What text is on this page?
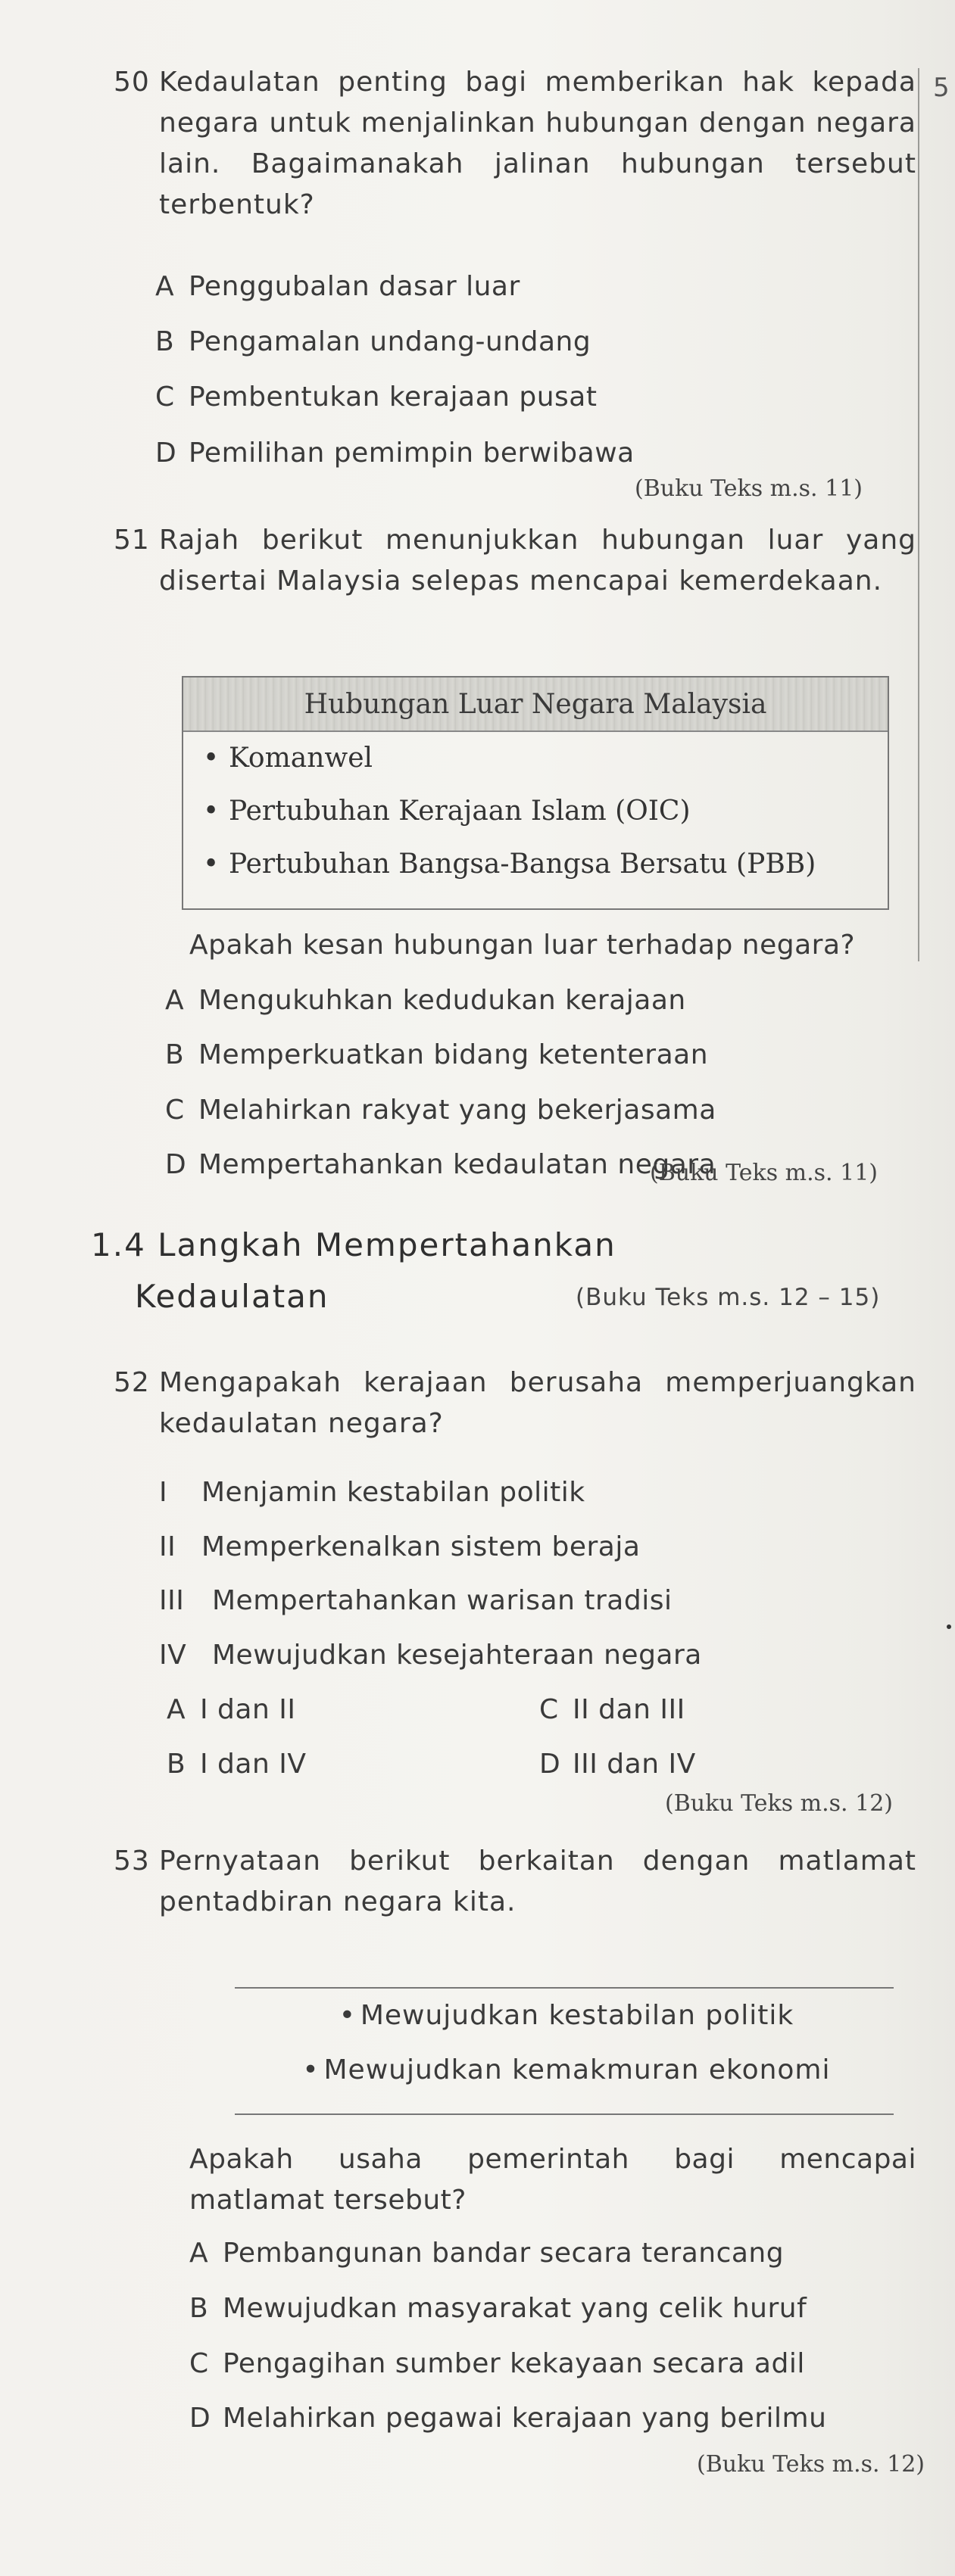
5
50 Kedaulatan penting bagi memberikan hak kepada negara untuk menjalinkan hubungan dengan negara lain. Bagaimanakah jalinan hubungan tersebut terbentuk?
A Penggubalan dasar luar
B Pengamalan undang-undang
C Pembentukan kerajaan pusat
D Pemilihan pemimpin berwibawa
(Buku Teks m.s. 11)
51 Rajah berikut menunjukkan hubungan luar yang disertai Malaysia selepas mencapai kemerdekaan.
Hubungan Luar Negara Malaysia
• Komanwel
• Pertubuhan Kerajaan Islam (OIC)
• Pertubuhan Bangsa-Bangsa Bersatu (PBB)
Apakah kesan hubungan luar terhadap negara?
A Mengukuhkan kedudukan kerajaan
B Memperkuatkan bidang ketenteraan
C Melahirkan rakyat yang bekerjasama
D Mempertahankan kedaulatan negara
(Buku Teks m.s. 11)
1.4 Langkah Mempertahankan
Kedaulatan	(Buku Teks m.s. 12 – 15)
52 Mengapakah kerajaan berusaha memperjuangkan kedaulatan negara?
I Menjamin kestabilan politik
II Memperkenalkan sistem beraja
III Mempertahankan warisan tradisi
IV Mewujudkan kesejahteraan negara
A I dan II	C II dan III
B I dan IV	D III dan IV
(Buku Teks m.s. 12)
53 Pernyataan berikut berkaitan dengan matlamat pentadbiran negara kita.
• Mewujudkan kestabilan politik
• Mewujudkan kemakmuran ekonomi
Apakah usaha pemerintah bagi mencapai matlamat tersebut?
A Pembangunan bandar secara terancang
B Mewujudkan masyarakat yang celik huruf
C Pengagihan sumber kekayaan secara adil
D Melahirkan pegawai kerajaan yang berilmu
(Buku Teks m.s. 12)
